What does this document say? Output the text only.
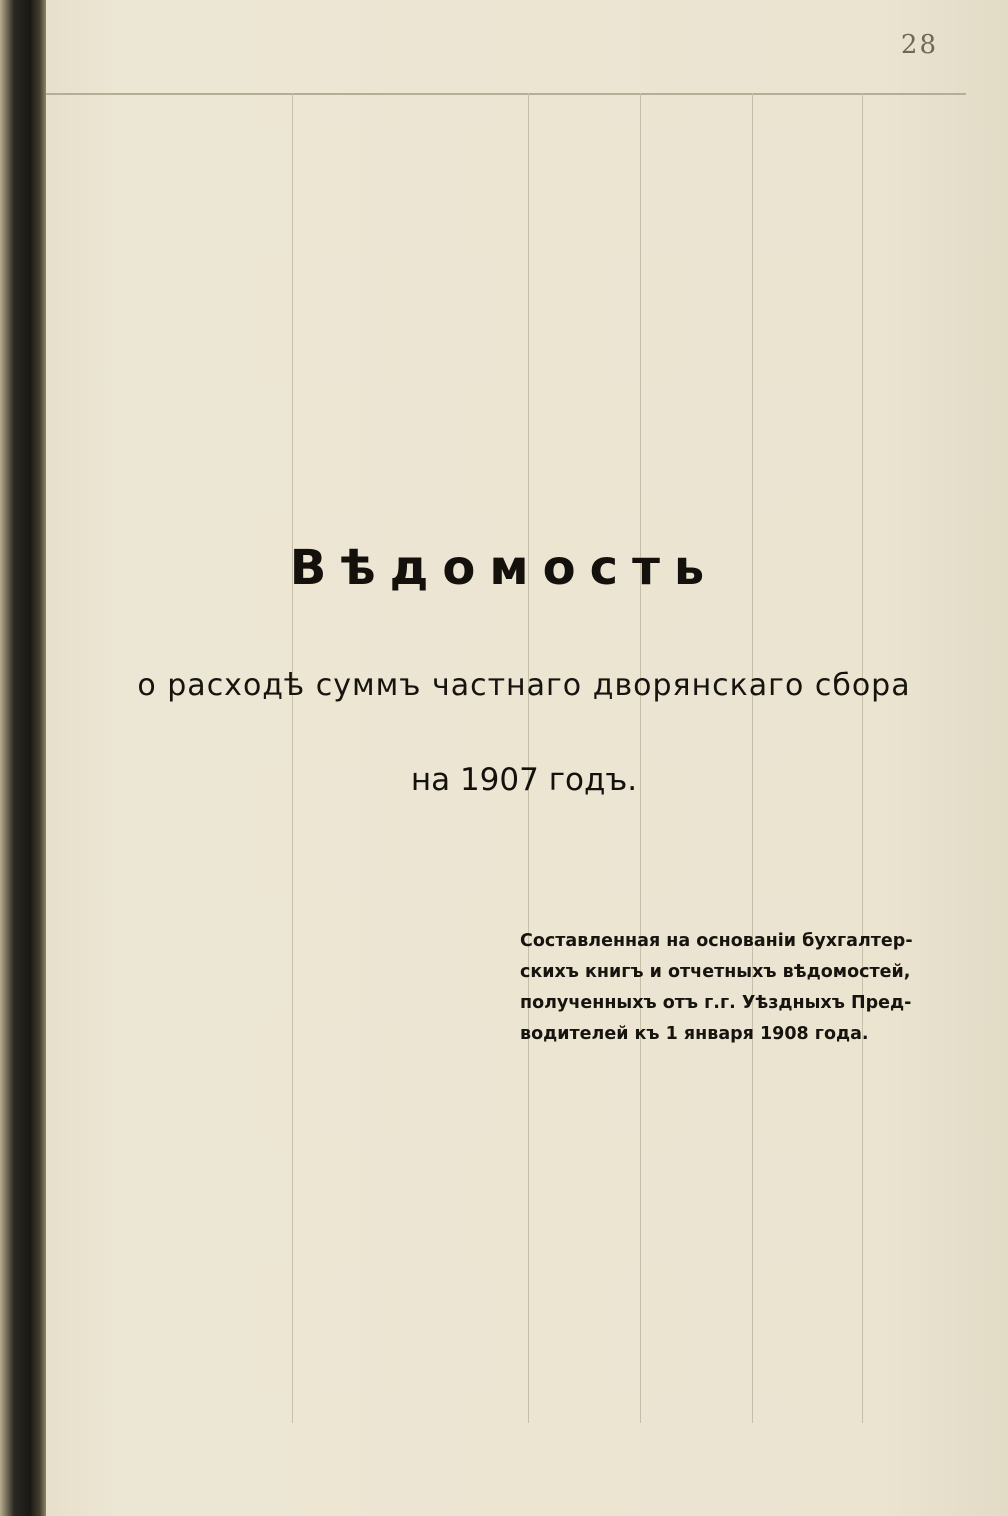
28
Вѣдомость
о расходѣ суммъ частнаго дворянскаго сбора
на 1907 годъ.
Составленная на основанiи бухгалтер-
скихъ книгъ и отчетныхъ вѣдомостей,
полученныхъ отъ г.г. Уѣздныхъ Пред-
водителей къ 1 января 1908 года.
